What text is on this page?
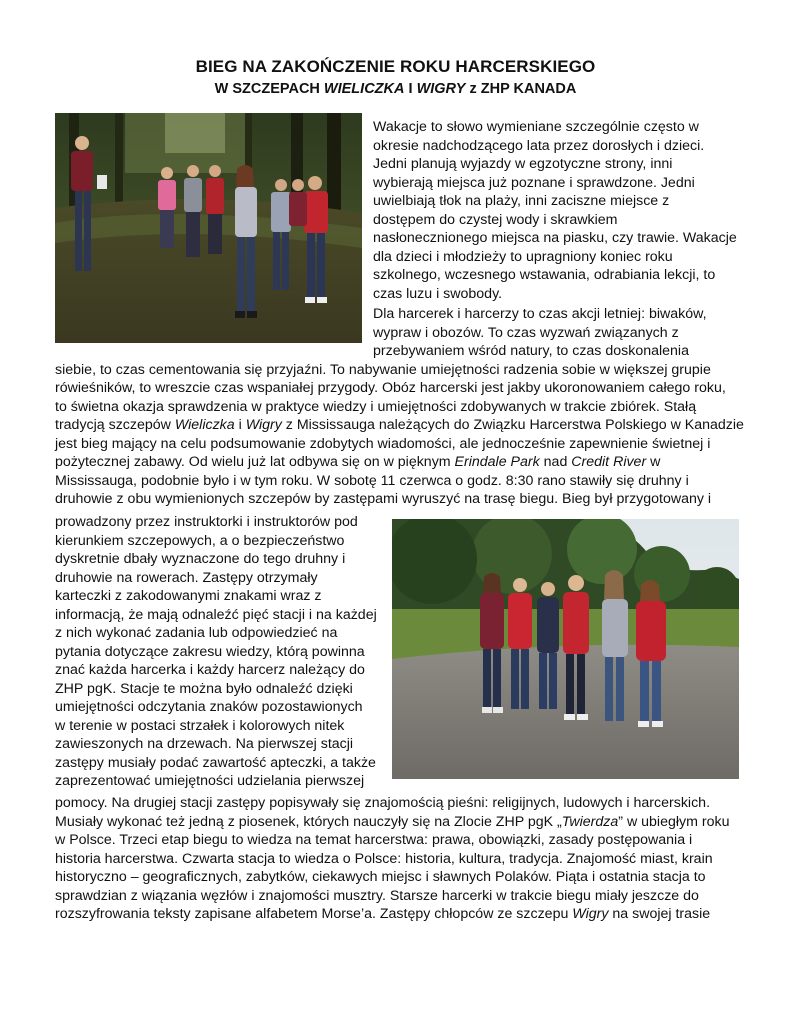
BIEG NA ZAKOŃCZENIE ROKU HARCERSKIEGO
W SZCZEPACH WIELICZKA I WIGRY z ZHP KANADA
Wakacje to słowo wymieniane szczególnie często w
okresie nadchodzącego lata przez dorosłych i dzieci.
Jedni planują wyjazdy w egzotyczne strony, inni
wybierają miejsca już poznane i sprawdzone. Jedni
uwielbiają tłok na plaży, inni zaciszne miejsce z
dostępem do czystej wody i skrawkiem
nasłonecznionego miejsca na piasku, czy trawie. Wakacje
dla dzieci i młodzieży to upragniony koniec roku
szkolnego, wczesnego wstawania, odrabiania lekcji, to
czas luzu i swobody.
Dla harcerek i harcerzy to czas akcji letniej: biwaków,
wypraw i obozów. To czas wyzwań związanych z
przebywaniem wśród natury, to czas doskonalenia
siebie, to czas cementowania się przyjaźni. To nabywanie umiejętności radzenia sobie w większej grupie
rówieśników, to wreszcie czas wspaniałej przygody. Obóz harcerski jest jakby ukoronowaniem całego roku,
to świetna okazja sprawdzenia w praktyce wiedzy i umiejętności zdobywanych w trakcie zbiórek. Stałą
tradycją szczepów Wieliczka i Wigry z Mississauga należących do Związku Harcerstwa Polskiego w Kanadzie
jest bieg mający na celu podsumowanie zdobytych wiadomości, ale jednocześnie zapewnienie świetnej i
pożytecznej zabawy. Od wielu już lat odbywa się on w pięknym Erindale Park nad Credit River w
Mississauga, podobnie było i w tym roku. W sobotę 11 czerwca o godz. 8:30 rano stawiły się druhny i
druhowie z obu wymienionych szczepów by zastępami wyruszyć na trasę biegu. Bieg był przygotowany i
prowadzony przez instruktorki i instruktorów pod
kierunkiem szczepowych, a o bezpieczeństwo
dyskretnie dbały wyznaczone do tego druhny i
druhowie na rowerach. Zastępy otrzymały
karteczki z zakodowanymi znakami wraz z
informacją, że mają odnaleźć pięć stacji i na każdej
z nich wykonać zadania lub odpowiedzieć na
pytania dotyczące zakresu wiedzy, którą powinna
znać każda harcerka i każdy harcerz należący do
ZHP pgK. Stacje te można było odnaleźć dzięki
umiejętności odczytania znaków pozostawionych
w terenie w postaci strzałek i kolorowych nitek
zawieszonych na drzewach. Na pierwszej stacji
zastępy musiały podać zawartość apteczki, a także
zaprezentować umiejętności udzielania pierwszej
pomocy. Na drugiej stacji zastępy popisywały się znajomością pieśni: religijnych, ludowych i harcerskich.
Musiały wykonać też jedną z piosenek, których nauczyły się na Zlocie ZHP pgK „Twierdza” w ubiegłym roku
w Polsce. Trzeci etap biegu to wiedza na temat harcerstwa: prawa, obowiązki, zasady postępowania i
historia harcerstwa. Czwarta stacja to wiedza o Polsce: historia, kultura, tradycja. Znajomość miast, krain
historyczno – geograficznych, zabytków, ciekawych miejsc i sławnych Polaków. Piąta i ostatnia stacja to
sprawdzian z wiązania węzłów i znajomości musztry. Starsze harcerki w trakcie biegu miały jeszcze do
rozszyfrowania teksty zapisane alfabetem Morse’a. Zastępy chłopców ze szczepu Wigry na swojej trasie
